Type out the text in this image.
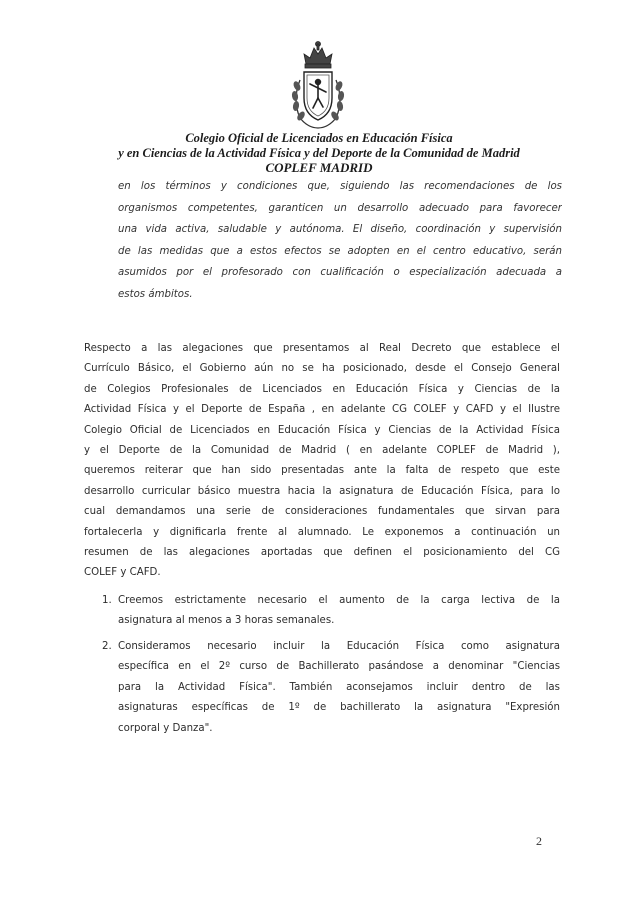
Colegio Oficial de Licenciados en Educación Física
y en Ciencias de la Actividad Física y del Deporte de la Comunidad de Madrid
COPLEF MADRID
en los términos y condiciones que, siguiendo las recomendaciones de los
organismos competentes, garanticen un desarrollo adecuado para favorecer
una vida activa, saludable y autónoma. El diseño, coordinación y supervisión
de las medidas que a estos efectos se adopten en el centro educativo, serán
asumidos por el profesorado con cualificación o especialización adecuada a
estos ámbitos.
Respecto a las alegaciones que presentamos al Real Decreto que establece el
Currículo Básico, el Gobierno aún no se ha posicionado, desde el Consejo General
de Colegios Profesionales de Licenciados en Educación Física y Ciencias de la
Actividad Física y el Deporte de España , en adelante CG COLEF y CAFD y el Ilustre
Colegio Oficial de Licenciados en Educación Física y Ciencias de la Actividad Física
y el Deporte de la Comunidad de Madrid ( en adelante COPLEF de Madrid ),
queremos reiterar que han sido presentadas ante la falta de respeto que este
desarrollo curricular básico muestra hacia la asignatura de Educación Física, para lo
cual demandamos una serie de consideraciones fundamentales que sirvan para
fortalecerla y dignificarla frente al alumnado. Le exponemos a continuación un
resumen de las alegaciones aportadas que definen el posicionamiento del CG
COLEF y CAFD.
1. Creemos estrictamente necesario el aumento de la carga lectiva de la
asignatura al menos a 3 horas semanales.
2. Consideramos necesario incluir la Educación Física como asignatura
específica en el 2º curso de Bachillerato pasándose a denominar "Ciencias
para la Actividad Física". También aconsejamos incluir dentro de las
asignaturas específicas de 1º de bachillerato la asignatura "Expresión
corporal y Danza".
2
